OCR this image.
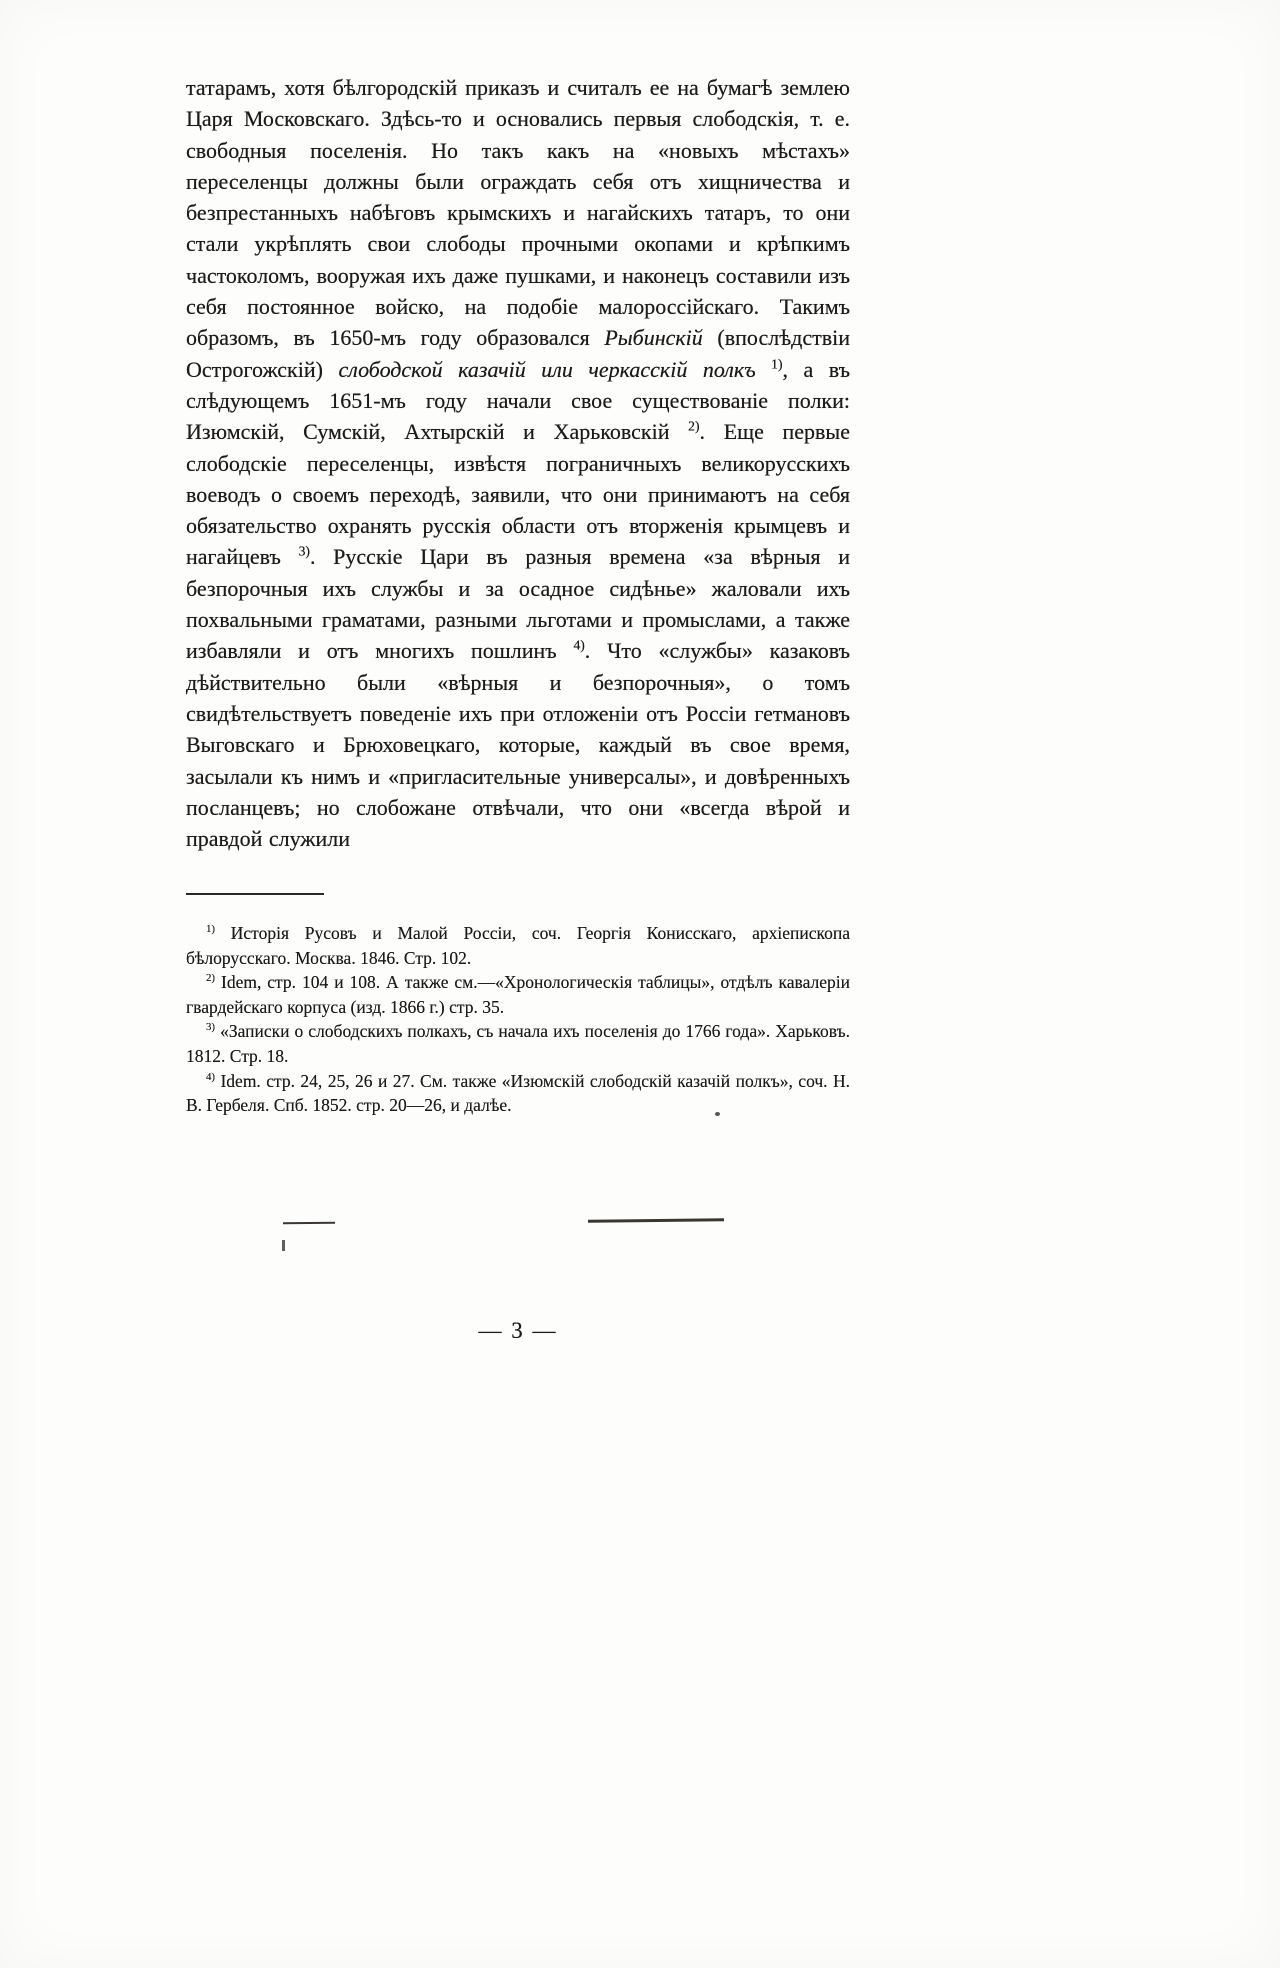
татарамъ, хотя бѣлгородскій приказъ и считалъ ее на бумагѣ землею Царя Московскаго. Здѣсь-то и основались первыя слободскія, т. е. свободныя поселенія. Но такъ какъ на «новыхъ мѣстахъ» переселенцы должны были ограждать себя отъ хищничества и безпрестанныхъ набѣговъ крымскихъ и нагайскихъ татаръ, то они стали укрѣплять свои слободы прочными окопами и крѣпкимъ частоколомъ, вооружая ихъ даже пушками, и наконецъ составили изъ себя постоянное войско, на подобіе малороссійскаго. Такимъ образомъ, въ 1650-мъ году образовался Рыбинскій (впослѣдствіи Острогожскій) слободской казачій или черкасскій полкъ $^{1)}$, а въ слѣдующемъ 1651-мъ году начали свое существованіе полки: Изюмскій, Сумскій, Ахтырскій и Харьковскій $^{2)}$. Еще первые слободскіе переселенцы, извѣстя пограничныхъ великорусскихъ воеводъ о своемъ переходѣ, заявили, что они принимаютъ на себя обязательство охранять русскія области отъ вторженія крымцевъ и нагайцевъ $^{3)}$. Русскіе Цари въ разныя времена «за вѣрныя и безпорочныя ихъ службы и за осадное сидѣнье» жаловали ихъ похвальными граматами, разными льготами и промыслами, а также избавляли и отъ многихъ пошлинъ $^{4)}$. Что «службы» казаковъ дѣйствительно были «вѣрныя и безпорочныя», о томъ свидѣтельствуетъ поведеніе ихъ при отложеніи отъ Россіи гетмановъ Выговскаго и Брюховецкаго, которые, каждый въ свое время, засылали къ нимъ и «пригласительные универсалы», и довѣренныхъ посланцевъ; но слобожане отвѣчали, что они «всегда вѣрой и правдой служили

$^{1)}$ Исторія Русовъ и Малой Россіи, соч. Георгія Конисскаго, архіепископа бѣлорусскаго. Москва. 1846. Стр. 102.

$^{2)}$ Idem, стр. 104 и 108. А также см.—«Хронологическія таблицы», отдѣлъ кавалеріи гвардейскаго корпуса (изд. 1866 г.) стр. 35.

$^{3)}$ «Записки о слободскихъ полкахъ, съ начала ихъ поселенія до 1766 года». Харьковъ. 1812. Стр. 18.

$^{4)}$ Idem. стр. 24, 25, 26 и 27. См. также «Изюмскій слободскій казачій полкъ», соч. Н. В. Гербеля. Спб. 1852. стр. 20—26, и далѣе.

— 3 —
